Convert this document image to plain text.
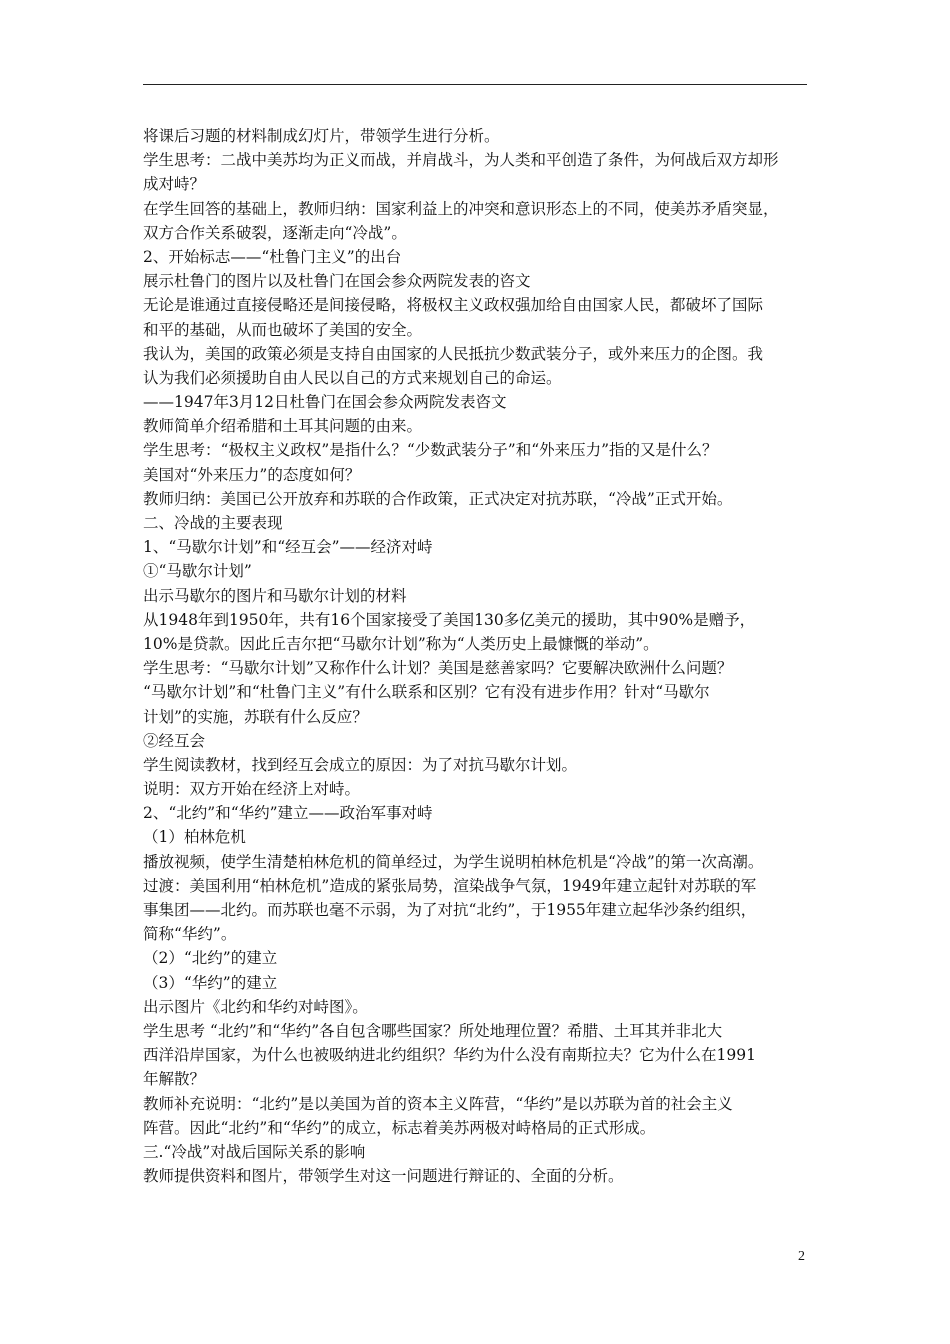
将课后习题的材料制成幻灯片，带领学生进行分析。
学生思考：二战中美苏均为正义而战，并肩战斗，为人类和平创造了条件，为何战后双方却形
成对峙？
在学生回答的基础上，教师归纳：国家利益上的冲突和意识形态上的不同，使美苏矛盾突显，
双方合作关系破裂，逐渐走向“冷战”。
2、开始标志——“杜鲁门主义”的出台
展示杜鲁门的图片以及杜鲁门在国会参众两院发表的咨文
无论是谁通过直接侵略还是间接侵略，将极权主义政权强加给自由国家人民，都破坏了国际
和平的基础，从而也破坏了美国的安全。
我认为，美国的政策必须是支持自由国家的人民抵抗少数武装分子，或外来压力的企图。我
认为我们必须援助自由人民以自己的方式来规划自己的命运。
——1947年3月12日杜鲁门在国会参众两院发表咨文
教师简单介绍希腊和土耳其问题的由来。
学生思考：“极权主义政权”是指什么？“少数武装分子”和“外来压力”指的又是什么？
美国对“外来压力”的态度如何？
教师归纳：美国已公开放弃和苏联的合作政策，正式决定对抗苏联，“冷战”正式开始。
二、冷战的主要表现
1、“马歇尔计划”和“经互会”——经济对峙
①“马歇尔计划”
出示马歇尔的图片和马歇尔计划的材料
从1948年到1950年，共有16个国家接受了美国130多亿美元的援助，其中90%是赠予，
10%是贷款。因此丘吉尔把“马歇尔计划”称为“人类历史上最慷慨的举动”。
学生思考：“马歇尔计划”又称作什么计划？美国是慈善家吗？它要解决欧洲什么问题？
“马歇尔计划”和“杜鲁门主义”有什么联系和区别？它有没有进步作用？针对“马歇尔
计划”的实施，苏联有什么反应？
②经互会
学生阅读教材，找到经互会成立的原因：为了对抗马歇尔计划。
说明：双方开始在经济上对峙。
2、“北约”和“华约”建立——政治军事对峙
（1）柏林危机
播放视频，使学生清楚柏林危机的简单经过，为学生说明柏林危机是“冷战”的第一次高潮。
过渡：美国利用“柏林危机”造成的紧张局势，渲染战争气氛，1949年建立起针对苏联的军
事集团——北约。而苏联也毫不示弱，为了对抗“北约”，于1955年建立起华沙条约组织，
简称“华约”。
（2）“北约”的建立
（3）“华约”的建立
出示图片《北约和华约对峙图》。
学生思考 “北约”和“华约”各自包含哪些国家？所处地理位置？希腊、土耳其并非北大
西洋沿岸国家，为什么也被吸纳进北约组织？华约为什么没有南斯拉夫？它为什么在1991
年解散？
教师补充说明：“北约”是以美国为首的资本主义阵营，“华约”是以苏联为首的社会主义
阵营。因此“北约”和“华约”的成立，标志着美苏两极对峙格局的正式形成。
三.“冷战”对战后国际关系的影响
教师提供资料和图片，带领学生对这一问题进行辩证的、全面的分析。
2
